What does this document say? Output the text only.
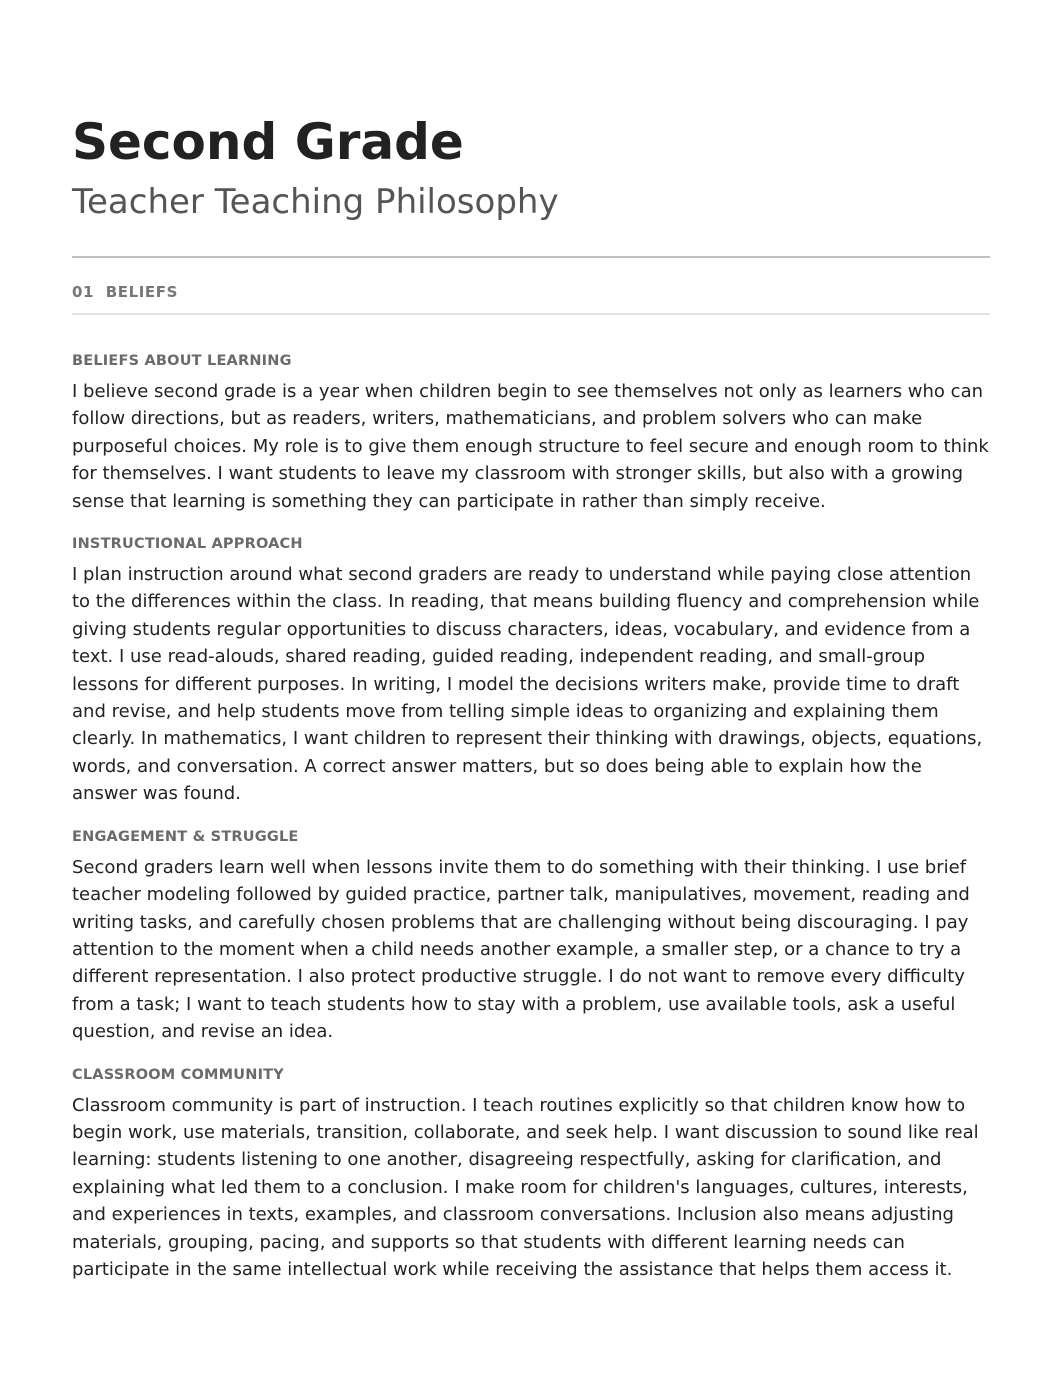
Second Grade
Teacher Teaching Philosophy
01  BELIEFS
BELIEFS ABOUT LEARNING

I believe second grade is a year when children begin to see themselves not only as learners who can follow directions, but as readers, writers, mathematicians, and problem solvers who can make purposeful choices. My role is to give them enough structure to feel secure and enough room to think for themselves. I want students to leave my classroom with stronger skills, but also with a growing sense that learning is something they can participate in rather than simply receive.

INSTRUCTIONAL APPROACH

I plan instruction around what second graders are ready to understand while paying close attention to the differences within the class. In reading, that means building fluency and comprehension while giving students regular opportunities to discuss characters, ideas, vocabulary, and evidence from a text. I use read-alouds, shared reading, guided reading, independent reading, and small-group lessons for different purposes. In writing, I model the decisions writers make, provide time to draft and revise, and help students move from telling simple ideas to organizing and explaining them clearly. In mathematics, I want children to represent their thinking with drawings, objects, equations, words, and conversation. A correct answer matters, but so does being able to explain how the answer was found.

ENGAGEMENT & STRUGGLE

Second graders learn well when lessons invite them to do something with their thinking. I use brief teacher modeling followed by guided practice, partner talk, manipulatives, movement, reading and writing tasks, and carefully chosen problems that are challenging without being discouraging. I pay attention to the moment when a child needs another example, a smaller step, or a chance to try a different representation. I also protect productive struggle. I do not want to remove every difficulty from a task; I want to teach students how to stay with a problem, use available tools, ask a useful question, and revise an idea.

CLASSROOM COMMUNITY

Classroom community is part of instruction. I teach routines explicitly so that children know how to begin work, use materials, transition, collaborate, and seek help. I want discussion to sound like real learning: students listening to one another, disagreeing respectfully, asking for clarification, and explaining what led them to a conclusion. I make room for children's languages, cultures, interests, and experiences in texts, examples, and classroom conversations. Inclusion also means adjusting materials, grouping, pacing, and supports so that students with different learning needs can participate in the same intellectual work while receiving the assistance that helps them access it.
